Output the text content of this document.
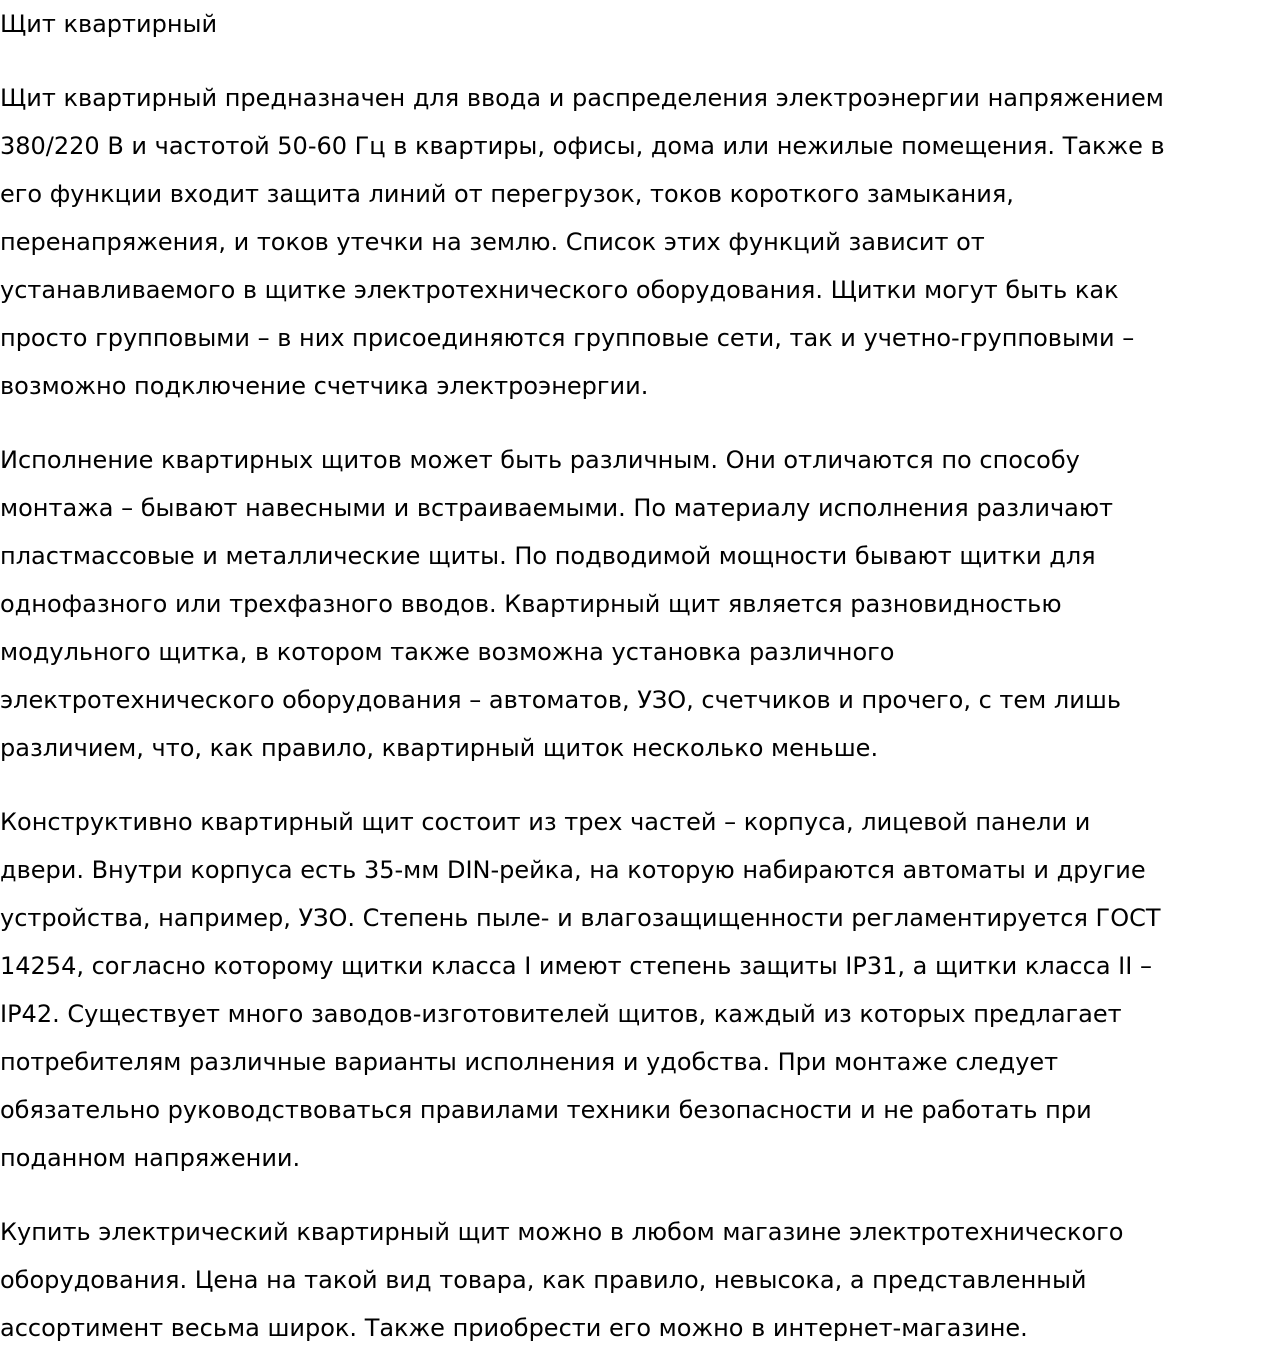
Щит квартирный
Щит квартирный предназначен для ввода и распределения электроэнергии напряжением
380/220 В и частотой 50-60 Гц в квартиры, офисы, дома или нежилые помещения. Также в
его функции входит защита линий от перегрузок, токов короткого замыкания,
перенапряжения, и токов утечки на землю. Список этих функций зависит от
устанавливаемого в щитке электротехнического оборудования. Щитки могут быть как
просто групповыми – в них присоединяются групповые сети, так и учетно-групповыми –
возможно подключение счетчика электроэнергии.
Исполнение квартирных щитов может быть различным. Они отличаются по способу
монтажа – бывают навесными и встраиваемыми. По материалу исполнения различают
пластмассовые и металлические щиты. По подводимой мощности бывают щитки для
однофазного или трехфазного вводов. Квартирный щит является разновидностью
модульного щитка, в котором также возможна установка различного
электротехнического оборудования – автоматов, УЗО, счетчиков и прочего, с тем лишь
различием, что, как правило, квартирный щиток несколько меньше.
Конструктивно квартирный щит состоит из трех частей – корпуса, лицевой панели и
двери. Внутри корпуса есть 35-мм DIN-рейка, на которую набираются автоматы и другие
устройства, например, УЗО. Степень пыле- и влагозащищенности регламентируется ГОСТ
14254, согласно которому щитки класса I имеют степень защиты IP31, а щитки класса II –
IP42. Существует много заводов-изготовителей щитов, каждый из которых предлагает
потребителям различные варианты исполнения и удобства. При монтаже следует
обязательно руководствоваться правилами техники безопасности и не работать при
поданном напряжении.
Купить электрический квартирный щит можно в любом магазине электротехнического
оборудования. Цена на такой вид товара, как правило, невысока, а представленный
ассортимент весьма широк. Также приобрести его можно в интернет-магазине.
